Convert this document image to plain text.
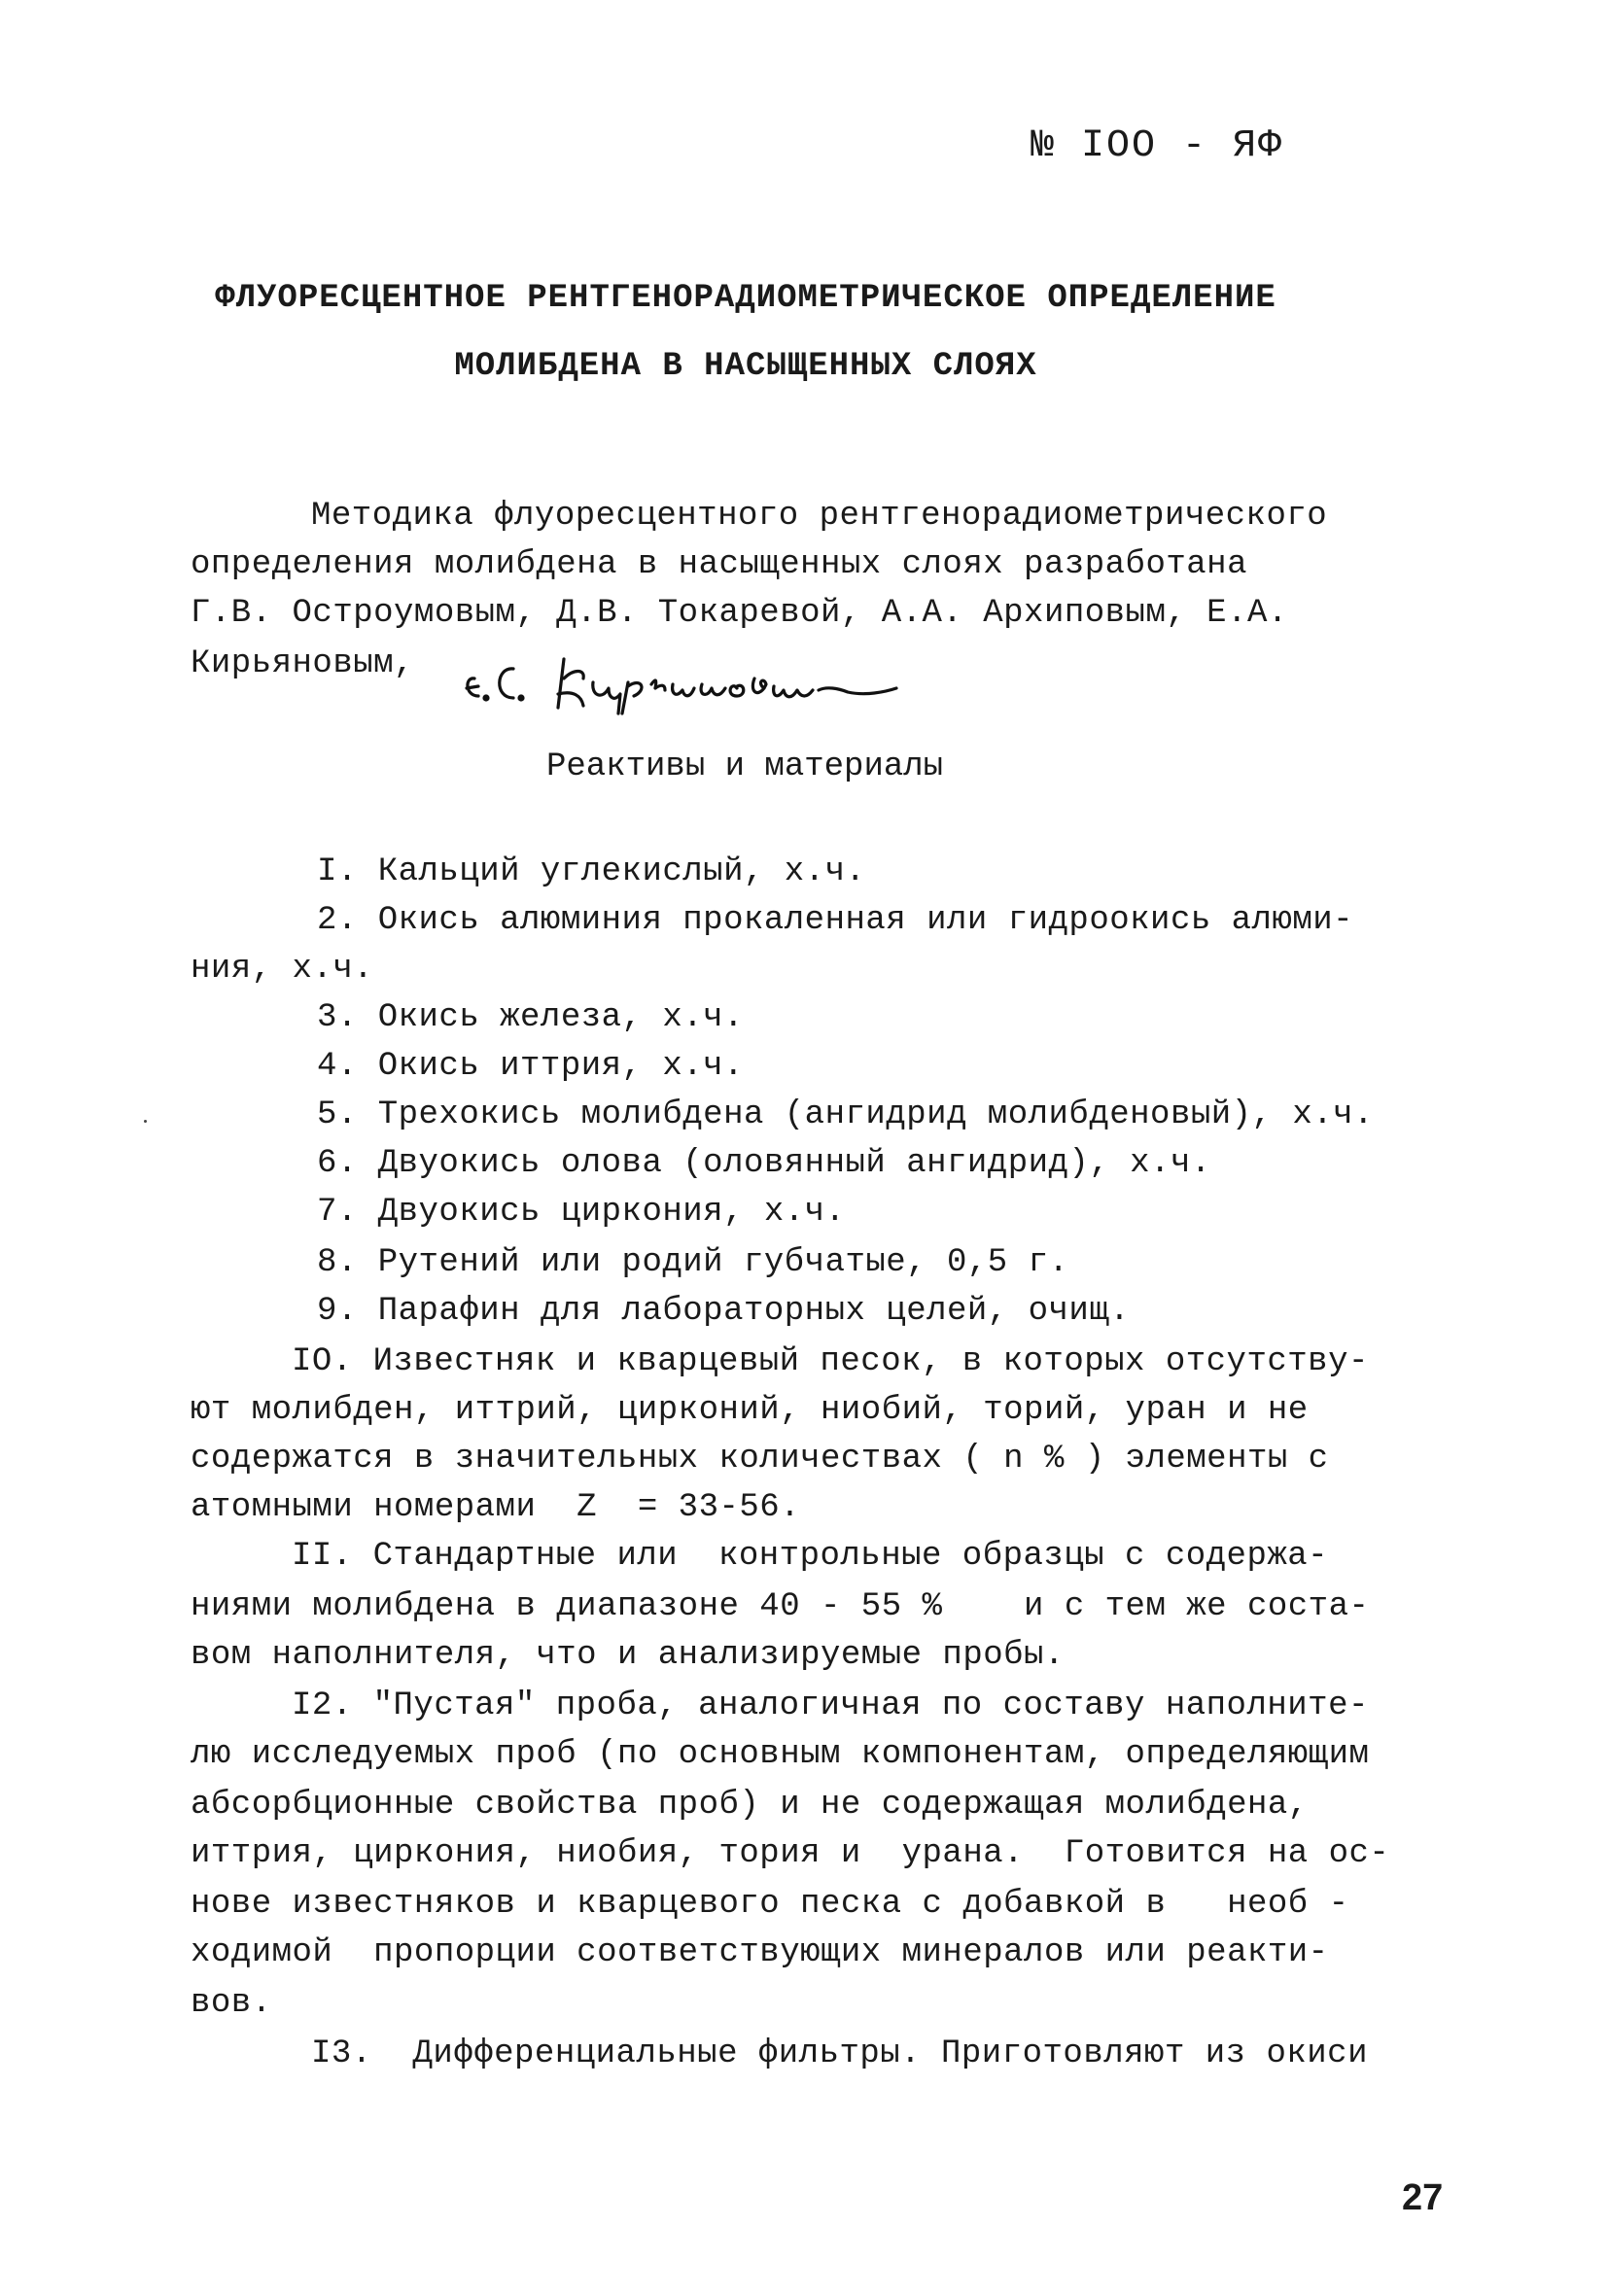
№ IOO - ЯФ
ФЛУОРЕСЦЕНТНОЕ РЕНТГЕНОРАДИОМЕТРИЧЕСКОЕ ОПРЕДЕЛЕНИЕ
МОЛИБДЕНА В НАСЫЩЕННЫХ СЛОЯХ
Методика флуоресцентного рентгенорадиометрического
определения молибдена в насыщенных слоях разработана
Г.В. Остроумовым, Д.В. Токаревой, А.А. Архиповым, Е.А.
Кирьяновым,
Реактивы и материалы
I. Кальций углекислый, х.ч.
2. Окись алюминия прокаленная или гидроокись алюми-
ния, х.ч.
3. Окись железа, х.ч.
4. Окись иттрия, х.ч.
5. Трехокись молибдена (ангидрид молибденовый), х.ч.
6. Двуокись олова (оловянный ангидрид), х.ч.
7. Двуокись циркония, х.ч.
8. Рутений или родий губчатые, 0,5 г.
9. Парафин для лабораторных целей, очищ.
IO. Известняк и кварцевый песок, в которых отсутству-
ют молибден, иттрий, цирконий, ниобий, торий, уран и не
содержатся в значительных количествах ( n % ) элементы с
атомными номерами  Z  = 33-56.
II. Стандартные или  контрольные образцы с содержа-
ниями молибдена в диапазоне 40 - 55 %    и с тем же соста-
вом наполнителя, что и анализируемые пробы.
I2. "Пустая" проба, аналогичная по составу наполните-
лю исследуемых проб (по основным компонентам, определяющим
абсорбционные свойства проб) и не содержащая молибдена,
иттрия, циркония, ниобия, тория и  урана.  Готовится на ос-
нове известняков и кварцевого песка с добавкой в   необ -
ходимой  пропорции соответствующих минералов или реакти-
вов.
I3.  Дифференциальные фильтры. Приготовляют из окиси
27
